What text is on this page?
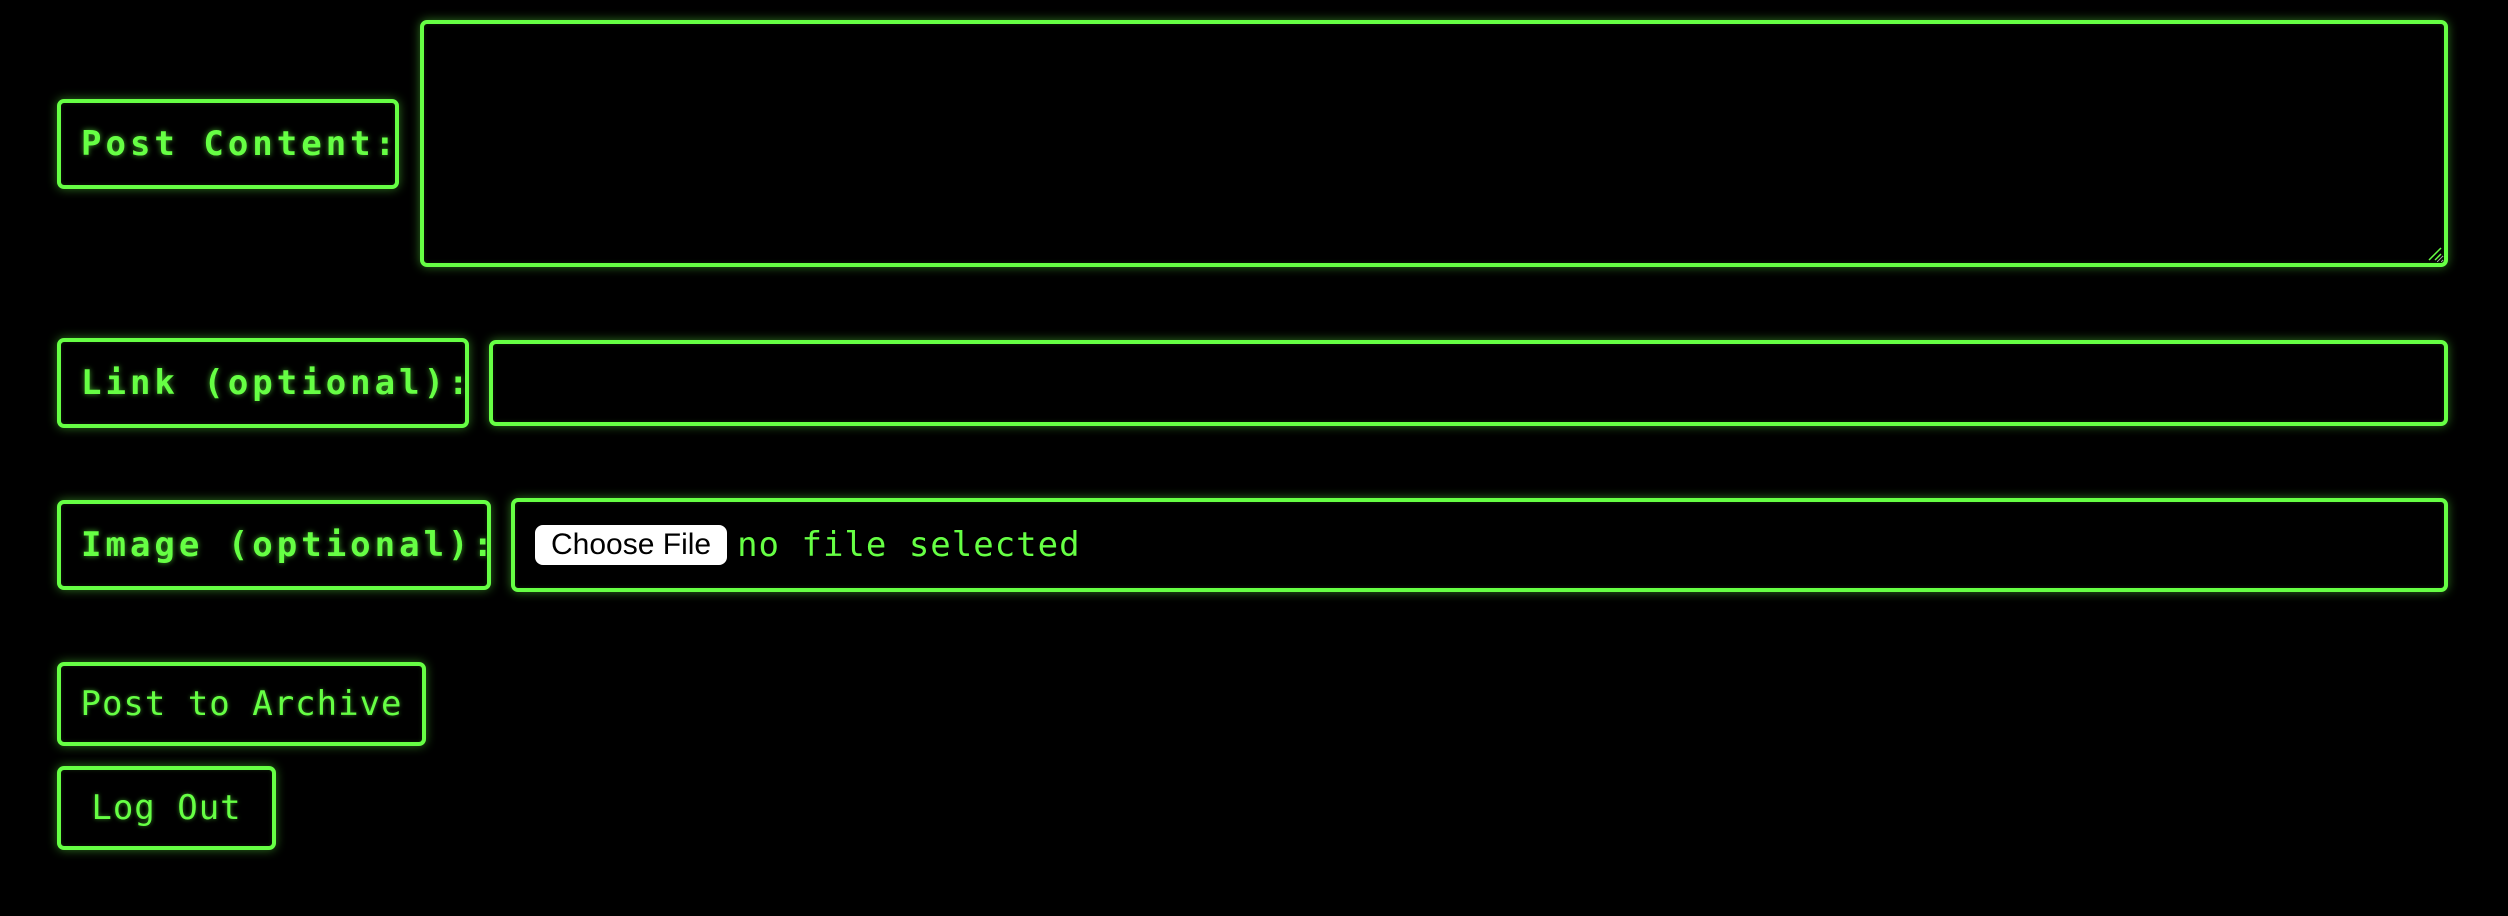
Post Content:
Link (optional):
Image (optional):	Choose File no file selected
Post to Archive
Log Out
